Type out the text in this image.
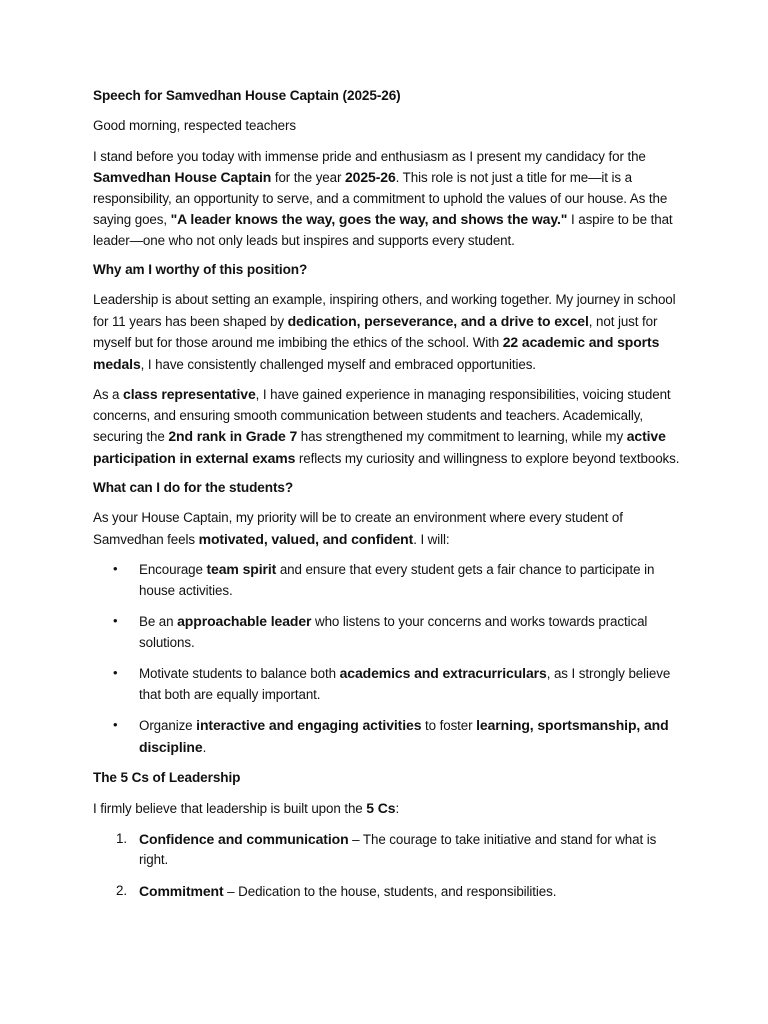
Speech for Samvedhan House Captain (2025-26)

Good morning, respected teachers

I stand before you today with immense pride and enthusiasm as I present my candidacy for the Samvedhan House Captain for the year 2025-26. This role is not just a title for me—it is a responsibility, an opportunity to serve, and a commitment to uphold the values of our house. As the saying goes, "A leader knows the way, goes the way, and shows the way." I aspire to be that leader—one who not only leads but inspires and supports every student.

Why am I worthy of this position?

Leadership is about setting an example, inspiring others, and working together. My journey in school for 11 years has been shaped by dedication, perseverance, and a drive to excel, not just for myself but for those around me imbibing the ethics of the school. With 22 academic and sports medals, I have consistently challenged myself and embraced opportunities.

As a class representative, I have gained experience in managing responsibilities, voicing student concerns, and ensuring smooth communication between students and teachers. Academically, securing the 2nd rank in Grade 7 has strengthened my commitment to learning, while my active participation in external exams reflects my curiosity and willingness to explore beyond textbooks.

What can I do for the students?

As your House Captain, my priority will be to create an environment where every student of Samvedhan feels motivated, valued, and confident. I will:

• Encourage team spirit and ensure that every student gets a fair chance to participate in house activities.
• Be an approachable leader who listens to your concerns and works towards practical solutions.
• Motivate students to balance both academics and extracurriculars, as I strongly believe that both are equally important.
• Organize interactive and engaging activities to foster learning, sportsmanship, and discipline.
The 5 Cs of Leadership

I firmly believe that leadership is built upon the 5 Cs:

1. Confidence and communication – The courage to take initiative and stand for what is right.
2. Commitment – Dedication to the house, students, and responsibilities.
